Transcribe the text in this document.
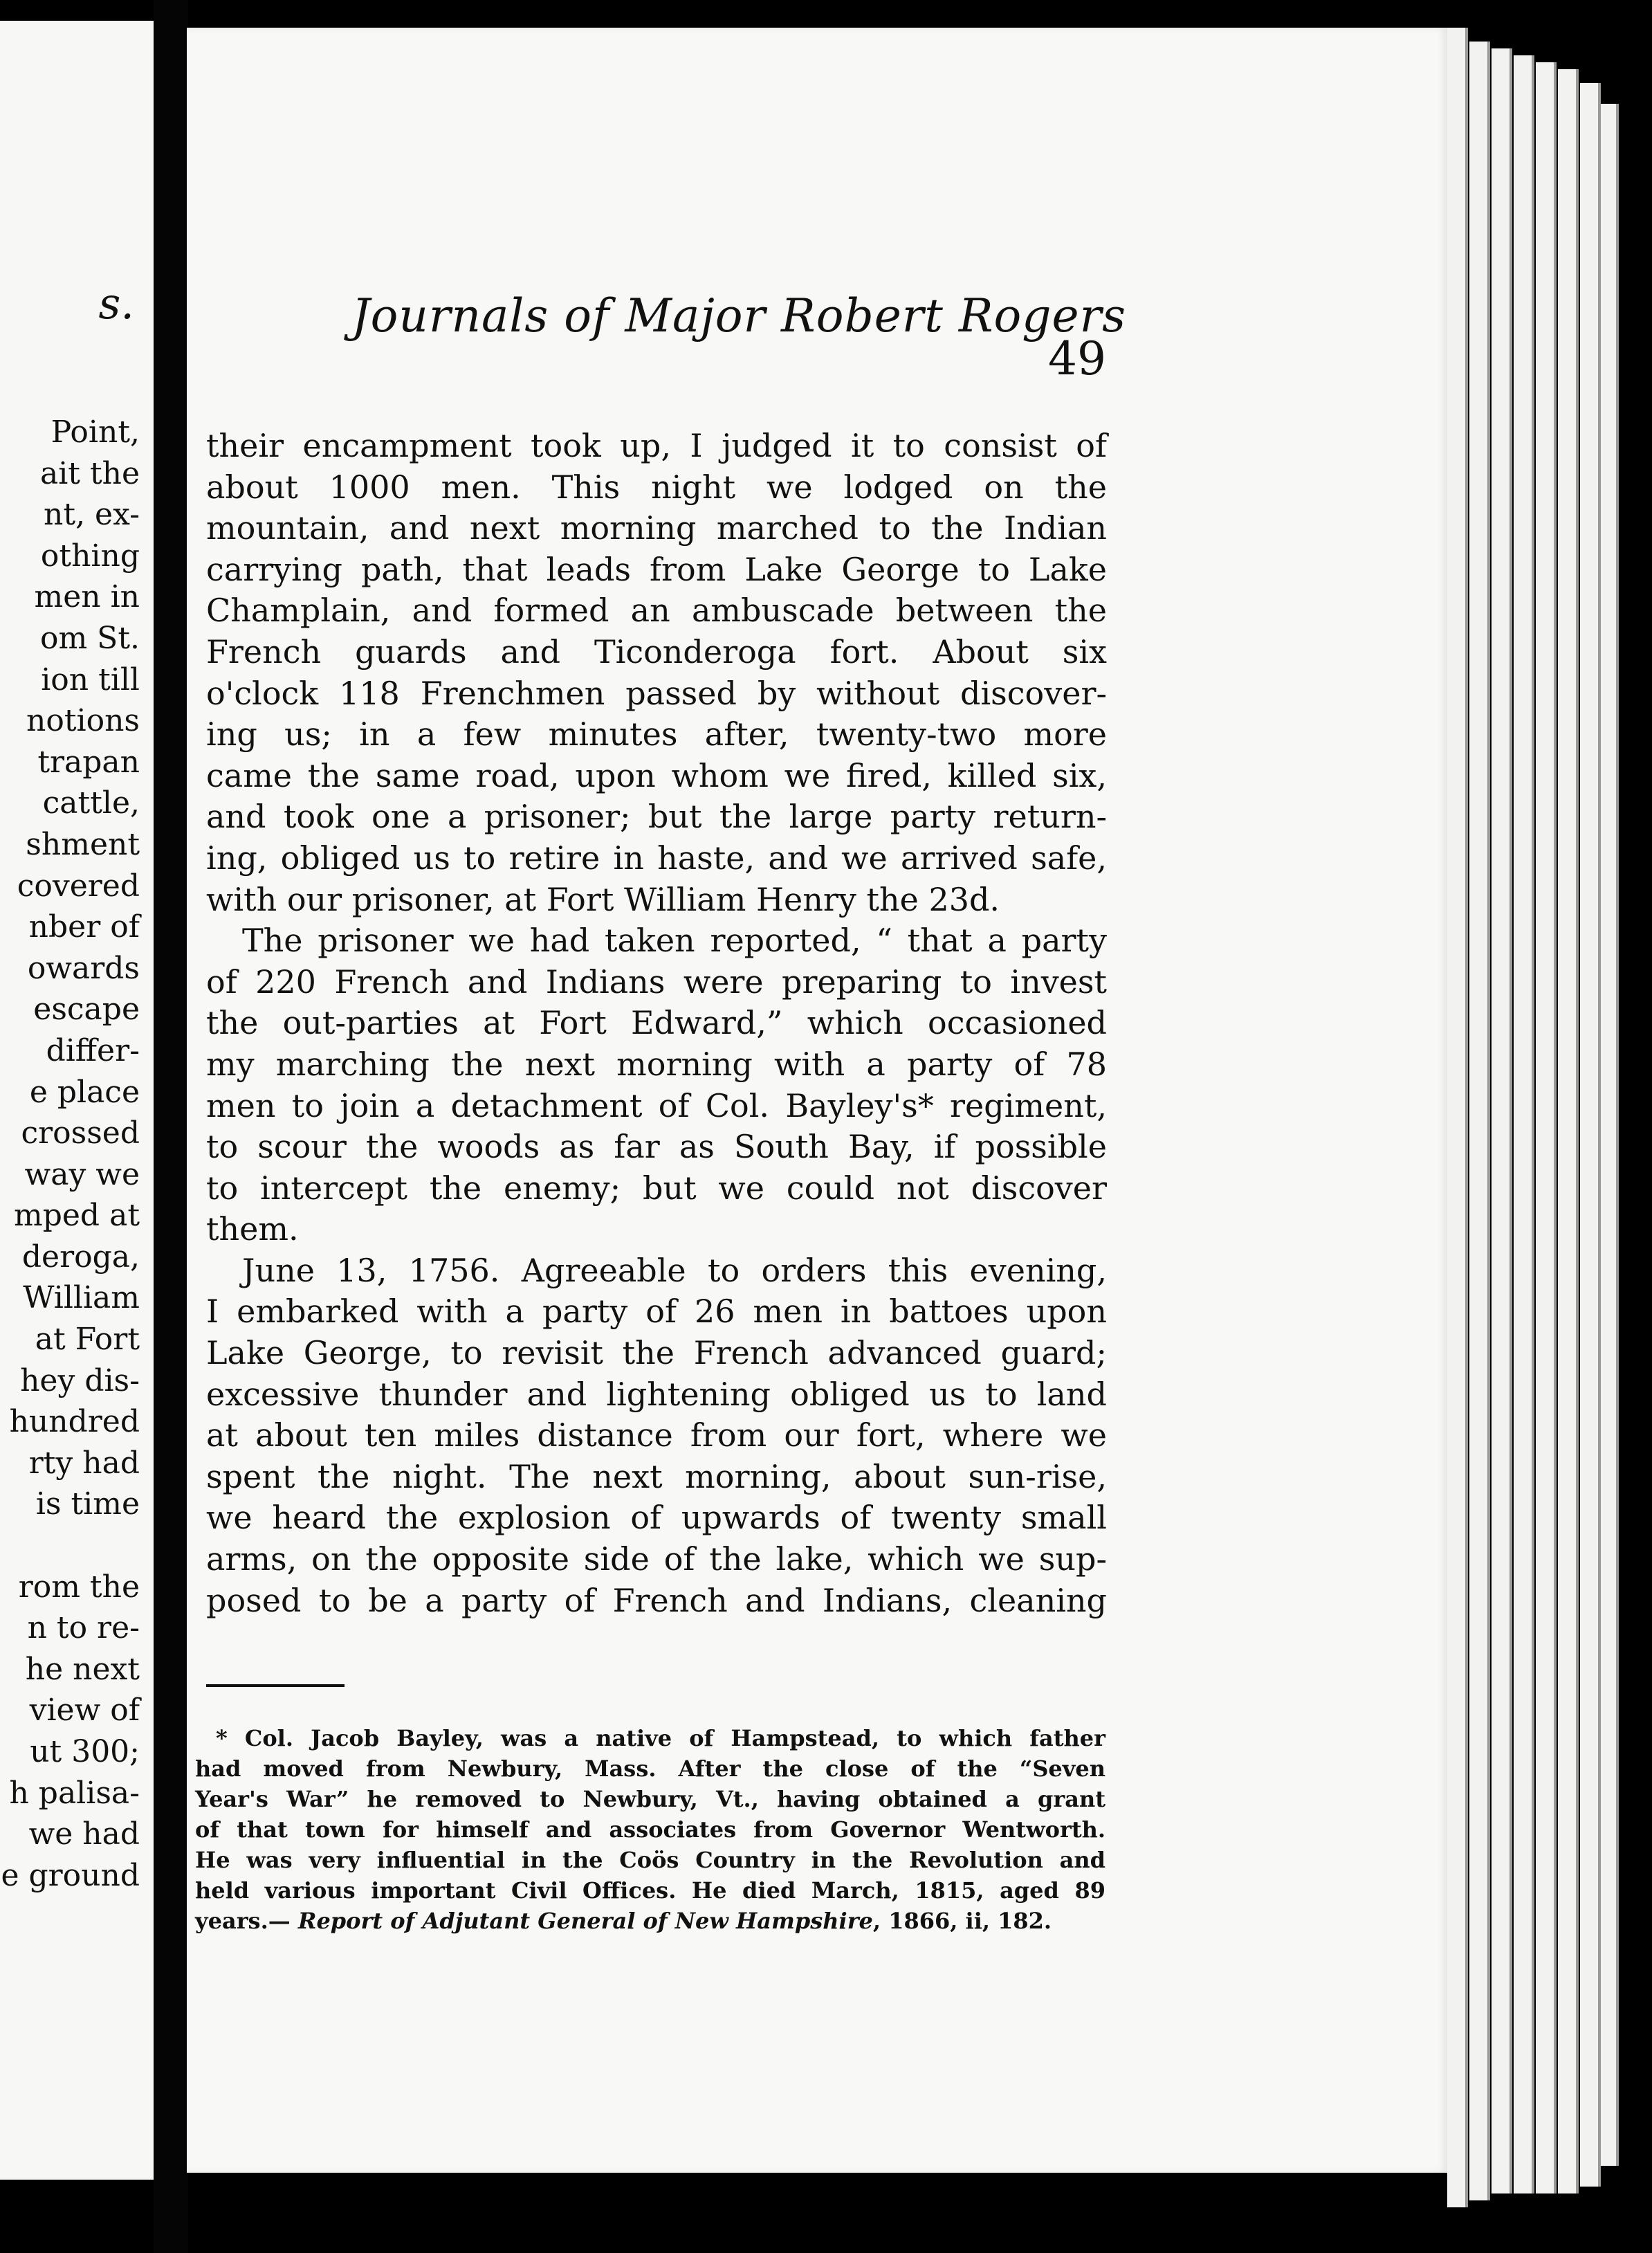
s.
Point,
ait the
nt, ex-
othing
men in
om St.
ion till
notions
trapan
cattle,
shment
covered
nber of
owards
escape
differ-
e place
crossed
way we
mped at
deroga,
William
at Fort
hey dis-
hundred
rty had
is time
rom the
n to re-
he next
view of
ut 300;
h palisa-
we had
e ground
Journals of Major Robert Rogers
49
their encampment took up, I judged it to consist of
about 1000 men. This night we lodged on the
mountain, and next morning marched to the Indian
carrying path, that leads from Lake George to Lake
Champlain, and formed an ambuscade between the
French guards and Ticonderoga fort. About six
o'clock 118 Frenchmen passed by without discover-
ing us; in a few minutes after, twenty-two more
came the same road, upon whom we fired, killed six,
and took one a prisoner; but the large party return-
ing, obliged us to retire in haste, and we arrived safe,
with our prisoner, at Fort William Henry the 23d.
The prisoner we had taken reported, “ that a party
of 220 French and Indians were preparing to invest
the out-parties at Fort Edward,” which occasioned
my marching the next morning with a party of 78
men to join a detachment of Col. Bayley's* regiment,
to scour the woods as far as South Bay, if possible
to intercept the enemy; but we could not discover
them.
June 13, 1756. Agreeable to orders this evening,
I embarked with a party of 26 men in battoes upon
Lake George, to revisit the French advanced guard;
excessive thunder and lightening obliged us to land
at about ten miles distance from our fort, where we
spent the night. The next morning, about sun-rise,
we heard the explosion of upwards of twenty small
arms, on the opposite side of the lake, which we sup-
posed to be a party of French and Indians, cleaning
* Col. Jacob Bayley, was a native of Hampstead, to which father
had moved from Newbury, Mass. After the close of the “Seven
Year's War” he removed to Newbury, Vt., having obtained a grant
of that town for himself and associates from Governor Wentworth.
He was very influential in the Coös Country in the Revolution and
held various important Civil Offices. He died March, 1815, aged 89
years.— Report of Adjutant General of New Hampshire, 1866, ii, 182.
